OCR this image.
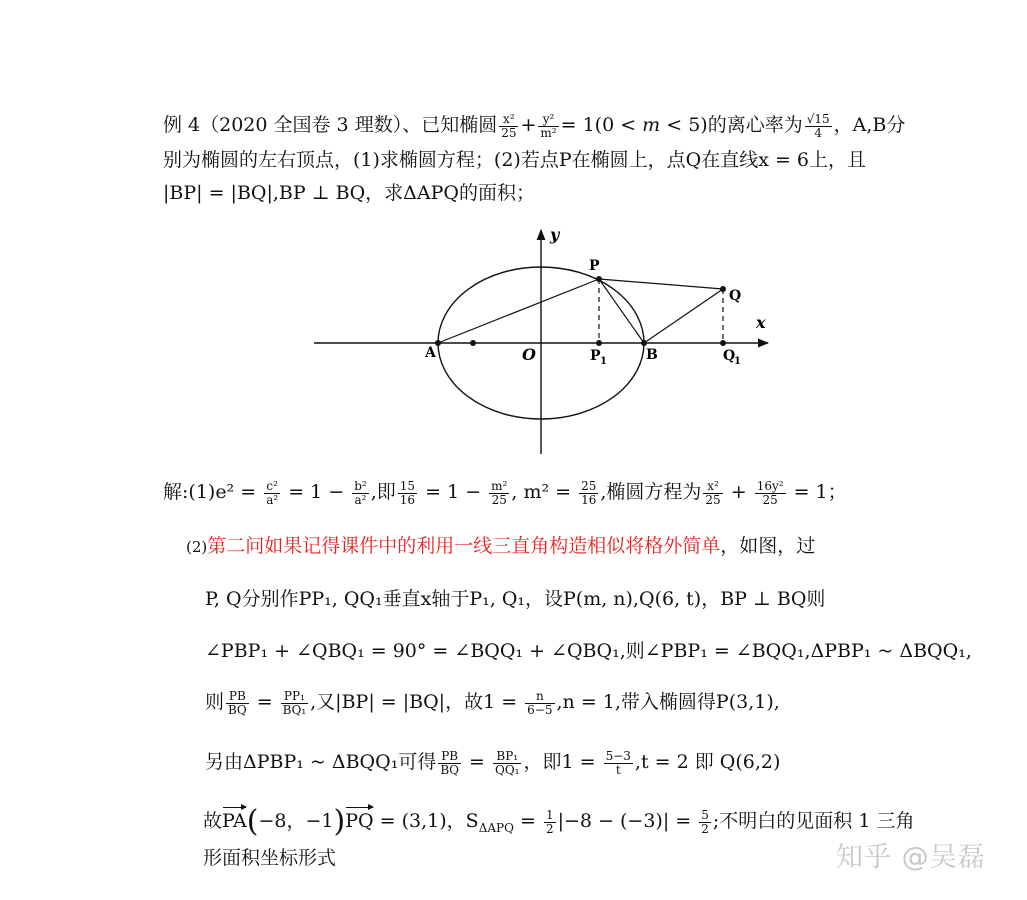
例 4（2020 全国卷 3 理数）、已知椭圆 $\frac{\text{x²}}{25} + \frac{\text{y²}}{\text{m²}} = 1(0 < m < 5)$的离心率为 $\frac{√15}{4}$ ，A,B分
别为椭圆的左右顶点，(1)求椭圆方程；(2)若点P在椭圆上，点Q在直线x = 6上，且
|BP| = |BQ|,BP ⊥ BQ，求ΔAPQ的面积；
y
x
O
A	B
P
Q
P 1	Q
1
解:(1)e² = $\frac{\text{c²}}{\text{a²}} = 1 - \frac{\text{b²}}{\text{a²}}$ ,即 $\frac{15}{16} = 1 - \frac{\text{m²}}{25}$ , $m^2 = \frac{25}{16}$ ,椭圆方程为 $\frac{\text{x²}}{25} + \frac{\text{16y²}}{25} = 1$；
(2)第二问如果记得课件中的利用一线三直角构造相似将格外简单，如图，过
P, Q分别作PP₁, QQ₁垂直x轴于P₁, Q₁，设P(m, n),Q(6, t)，BP ⊥ BQ则
∠PBP₁ + ∠QBQ₁ = 90° = ∠BQQ₁ + ∠QBQ₁,则∠PBP₁ = ∠BQQ₁,ΔPBP₁ ~ ΔBQQ₁,
则 $\frac{PB}{BQ} = \frac{\text{PP₁}}{\text{BQ₁}}$ ,又|BP| = |BQ|，故$1 = \frac{n}{6-5} ,n = 1$,带入椭圆得P(3,1),
另由ΔPBP₁ ~ ΔBQQ₁可得 $\frac{PB}{BQ} = \frac{\text{BP₁}}{\text{QQ₁}}$ ，即$1 = \frac{5-3}{t} ,t = 2$ 即 Q(6,2)
故PA(−8，−1)PQ = (3,1)，$S_{\Delta APQ} = \frac{1}{2} |-8 - (-3)| = \frac{5}{2}$ ;不明白的见面积 1 三角
形面积坐标形式	知乎 @吴磊
